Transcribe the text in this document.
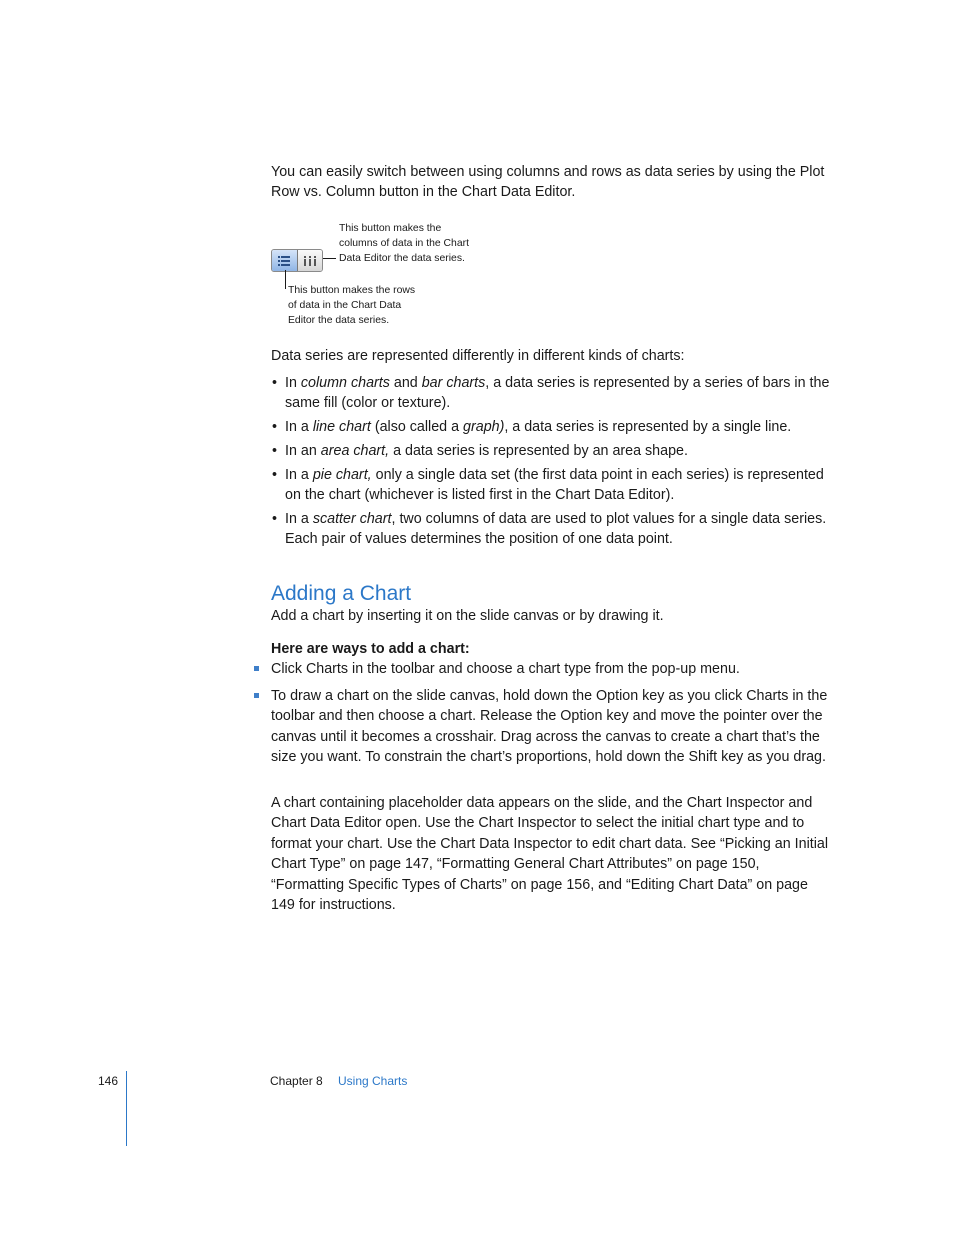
You can easily switch between using columns and rows as data series by using the Plot Row vs. Column button in the Chart Data Editor.

This button makes the
columns of data in the Chart
Data Editor the data series.
This button makes the rows
of data in the Chart Data
Editor the data series.

Data series are represented differently in different kinds of charts:

• In column charts and bar charts, a data series is represented by a series of bars in the same fill (color or texture).
• In a line chart (also called a graph), a data series is represented by a single line.
• In an area chart, a data series is represented by an area shape.
• In a pie chart, only a single data set (the first data point in each series) is represented on the chart (whichever is listed first in the Chart Data Editor).
• In a scatter chart, two columns of data are used to plot values for a single data series. Each pair of values determines the position of one data point.
Adding a Chart

Add a chart by inserting it on the slide canvas or by drawing it.

Here are ways to add a chart:

Click Charts in the toolbar and choose a chart type from the pop-up menu.

To draw a chart on the slide canvas, hold down the Option key as you click Charts in the toolbar and then choose a chart. Release the Option key and move the pointer over the canvas until it becomes a crosshair. Drag across the canvas to create a chart that’s the size you want. To constrain the chart’s proportions, hold down the Shift key as you drag.

A chart containing placeholder data appears on the slide, and the Chart Inspector and Chart Data Editor open. Use the Chart Inspector to select the initial chart type and to format your chart. Use the Chart Data Inspector to edit chart data. See “Picking an Initial Chart Type” on page 147, “Formatting General Chart Attributes” on page 150, “Formatting Specific Types of Charts” on page 156, and “Editing Chart Data” on page 149 for instructions.

146	Chapter 8 Using Charts
